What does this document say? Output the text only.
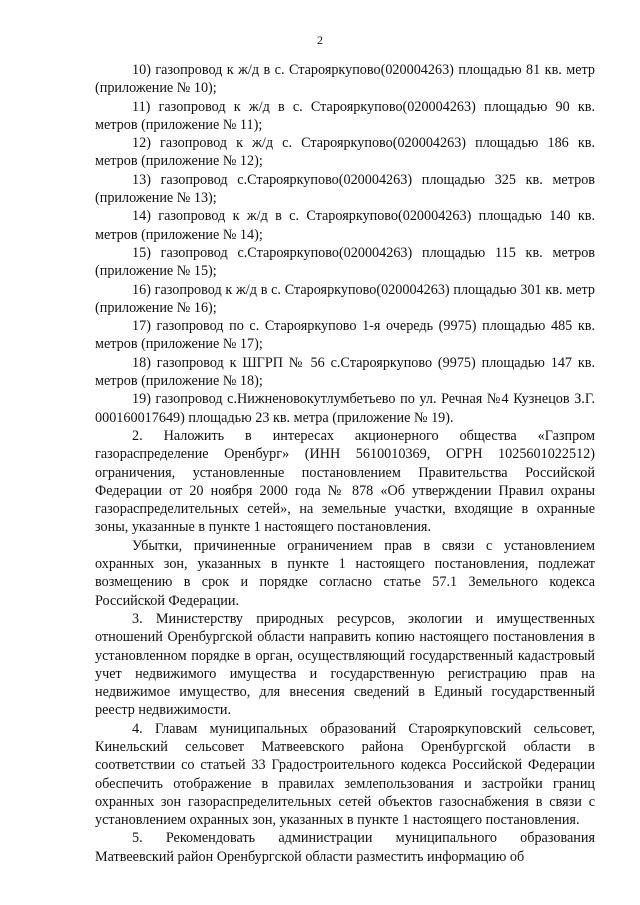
2

10) газопровод к ж/д в с. Старояркупово(020004263) площадью 81 кв. метр (приложение № 10);

11) газопровод к ж/д в с. Старояркупово(020004263) площадью 90 кв. метров (приложение № 11);

12) газопровод к ж/д с. Старояркупово(020004263) площадью 186 кв. метров (приложение № 12);

13) газопровод с.Старояркупово(020004263) площадью 325 кв. метров (приложение № 13);

14) газопровод к ж/д в с. Старояркупово(020004263) площадью 140 кв. метров (приложение № 14);

15) газопровод с.Старояркупово(020004263) площадью 115 кв. метров (приложение № 15);

16) газопровод к ж/д в с. Старояркупово(020004263) площадью 301 кв. метр (приложение № 16);

17) газопровод по с. Старояркупово 1-я очередь (9975) площадью 485 кв. метров (приложение № 17);

18) газопровод к ШГРП № 56 с.Старояркупово (9975) площадью 147 кв. метров (приложение № 18);

19) газопровод с.Нижненовокутлумбетьево по ул. Речная №4 Кузнецов З.Г. 000160017649) площадью 23 кв. метра (приложение № 19).

2. Наложить в интересах акционерного общества «Газпром газораспределение Оренбург» (ИНН 5610010369, ОГРН 1025601022512) ограничения, установленные постановлением Правительства Российской Федерации от 20 ноября 2000 года № 878 «Об утверждении Правил охраны газораспределительных сетей», на земельные участки, входящие в охранные зоны, указанные в пункте 1 настоящего постановления.

Убытки, причиненные ограничением прав в связи с установлением охранных зон, указанных в пункте 1 настоящего постановления, подлежат возмещению в срок и порядке согласно статье 57.1 Земельного кодекса Российской Федерации.

3. Министерству природных ресурсов, экологии и имущественных отношений Оренбургской области направить копию настоящего постановления в установленном порядке в орган, осуществляющий государственный кадастровый учет недвижимого имущества и государственную регистрацию прав на недвижимое имущество, для внесения сведений в Единый государственный реестр недвижимости.

4. Главам муниципальных образований Старояркуповский сельсовет, Кинельский сельсовет Матвеевского района Оренбургской области в соответствии со статьей 33 Градостроительного кодекса Российской Федерации обеспечить отображение в правилах землепользования и застройки границ охранных зон газораспределительных сетей объектов газоснабжения в связи с установлением охранных зон, указанных в пункте 1 настоящего постановления.

5. Рекомендовать администрации муниципального образования Матвеевский район Оренбургской области разместить информацию об
